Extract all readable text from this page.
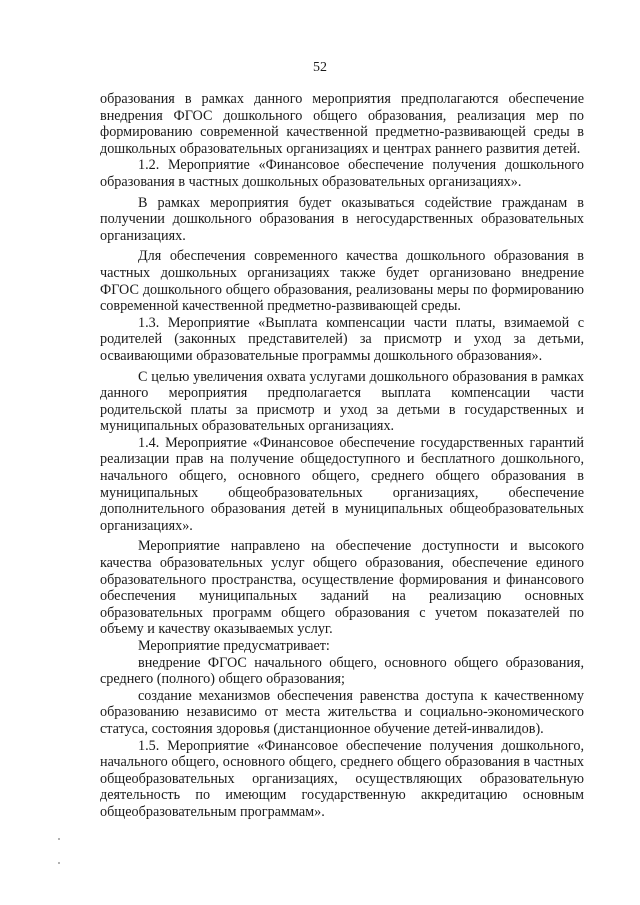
52

образования в рамках данного мероприятия предполагаются обеспечение внедрения ФГОС дошкольного общего образования, реализация мер по формированию современной качественной предметно-развивающей среды в дошкольных образовательных организациях и центрах раннего развития детей.

1.2. Мероприятие «Финансовое обеспечение получения дошкольного образования в частных дошкольных образовательных организациях».

В рамках мероприятия будет оказываться содействие гражданам в получении дошкольного образования в негосударственных образовательных организациях.

Для обеспечения современного качества дошкольного образования в частных дошкольных организациях также будет организовано внедрение ФГОС дошкольного общего образования, реализованы меры по формированию современной качественной предметно-развивающей среды.

1.3. Мероприятие «Выплата компенсации части платы, взимаемой с родителей (законных представителей) за присмотр и уход за детьми, осваивающими образовательные программы дошкольного образования».

С целью увеличения охвата услугами дошкольного образования в рамках данного мероприятия предполагается выплата компенсации части родительской платы за присмотр и уход за детьми в государственных и муниципальных образовательных организациях.

1.4. Мероприятие «Финансовое обеспечение государственных гарантий реализации прав на получение общедоступного и бесплатного дошкольного, начального общего, основного общего, среднего общего образования в муниципальных общеобразовательных организациях, обеспечение дополнительного образования детей в муниципальных общеобразовательных организациях».

Мероприятие направлено на обеспечение доступности и высокого качества образовательных услуг общего образования, обеспечение единого образовательного пространства, осуществление формирования и финансового обеспечения муниципальных заданий на реализацию основных образовательных программ общего образования с учетом показателей по объему и качеству оказываемых услуг.

Мероприятие предусматривает:

внедрение ФГОС начального общего, основного общего образования, среднего (полного) общего образования;

создание механизмов обеспечения равенства доступа к качественному образованию независимо от места жительства и социально-экономического статуса, состояния здоровья (дистанционное обучение детей-инвалидов).

1.5. Мероприятие «Финансовое обеспечение получения дошкольного, начального общего, основного общего, среднего общего образования в частных общеобразовательных организациях, осуществляющих образовательную деятельность по имеющим государственную аккредитацию основным общеобразовательным программам».
